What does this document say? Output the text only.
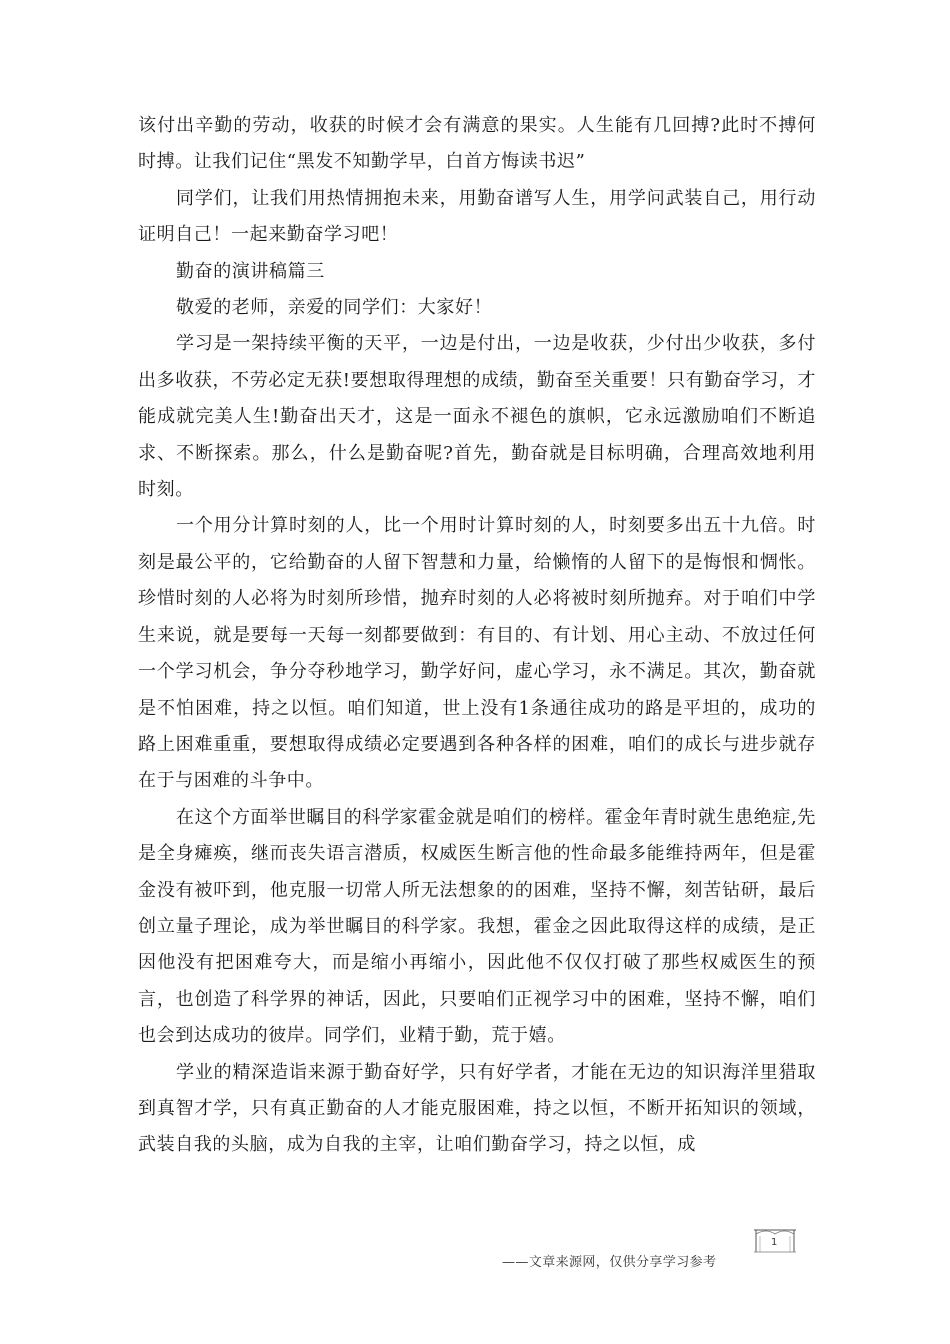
该付出辛勤的劳动，收获的时候才会有满意的果实。人生能有几回搏?此时不搏何时搏。让我们记住“黑发不知勤学早，白首方悔读书迟”

同学们，让我们用热情拥抱未来，用勤奋谱写人生，用学问武装自己，用行动证明自己！一起来勤奋学习吧！

勤奋的演讲稿篇三

敬爱的老师，亲爱的同学们：大家好！

学习是一架持续平衡的天平，一边是付出，一边是收获，少付出少收获，多付出多收获，不劳必定无获!要想取得理想的成绩，勤奋至关重要！只有勤奋学习，才能成就完美人生!勤奋出天才，这是一面永不褪色的旗帜，它永远激励咱们不断追求、不断探索。那么，什么是勤奋呢?首先，勤奋就是目标明确，合理高效地利用时刻。

一个用分计算时刻的人，比一个用时计算时刻的人，时刻要多出五十九倍。时刻是最公平的，它给勤奋的人留下智慧和力量，给懒惰的人留下的是悔恨和惆怅。珍惜时刻的人必将为时刻所珍惜，抛弃时刻的人必将被时刻所抛弃。对于咱们中学生来说，就是要每一天每一刻都要做到：有目的、有计划、用心主动、不放过任何一个学习机会，争分夺秒地学习，勤学好问，虚心学习，永不满足。其次，勤奋就是不怕困难，持之以恒。咱们知道，世上没有1条通往成功的路是平坦的，成功的路上困难重重，要想取得成绩必定要遇到各种各样的困难，咱们的成长与进步就存在于与困难的斗争中。

在这个方面举世瞩目的科学家霍金就是咱们的榜样。霍金年青时就生患绝症,先是全身瘫痪，继而丧失语言潜质，权威医生断言他的性命最多能维持两年，但是霍金没有被吓到，他克服一切常人所无法想象的的困难，坚持不懈，刻苦钻研，最后创立量子理论，成为举世瞩目的科学家。我想，霍金之因此取得这样的成绩，是正因他没有把困难夸大，而是缩小再缩小，因此他不仅仅打破了那些权威医生的预言，也创造了科学界的神话，因此，只要咱们正视学习中的困难，坚持不懈，咱们也会到达成功的彼岸。同学们，业精于勤，荒于嬉。

学业的精深造诣来源于勤奋好学，只有好学者，才能在无边的知识海洋里猎取到真智才学，只有真正勤奋的人才能克服困难，持之以恒，不断开拓知识的领域，武装自我的头脑，成为自我的主宰，让咱们勤奋学习，持之以恒，成

1
——文章来源网，仅供分享学习参考
